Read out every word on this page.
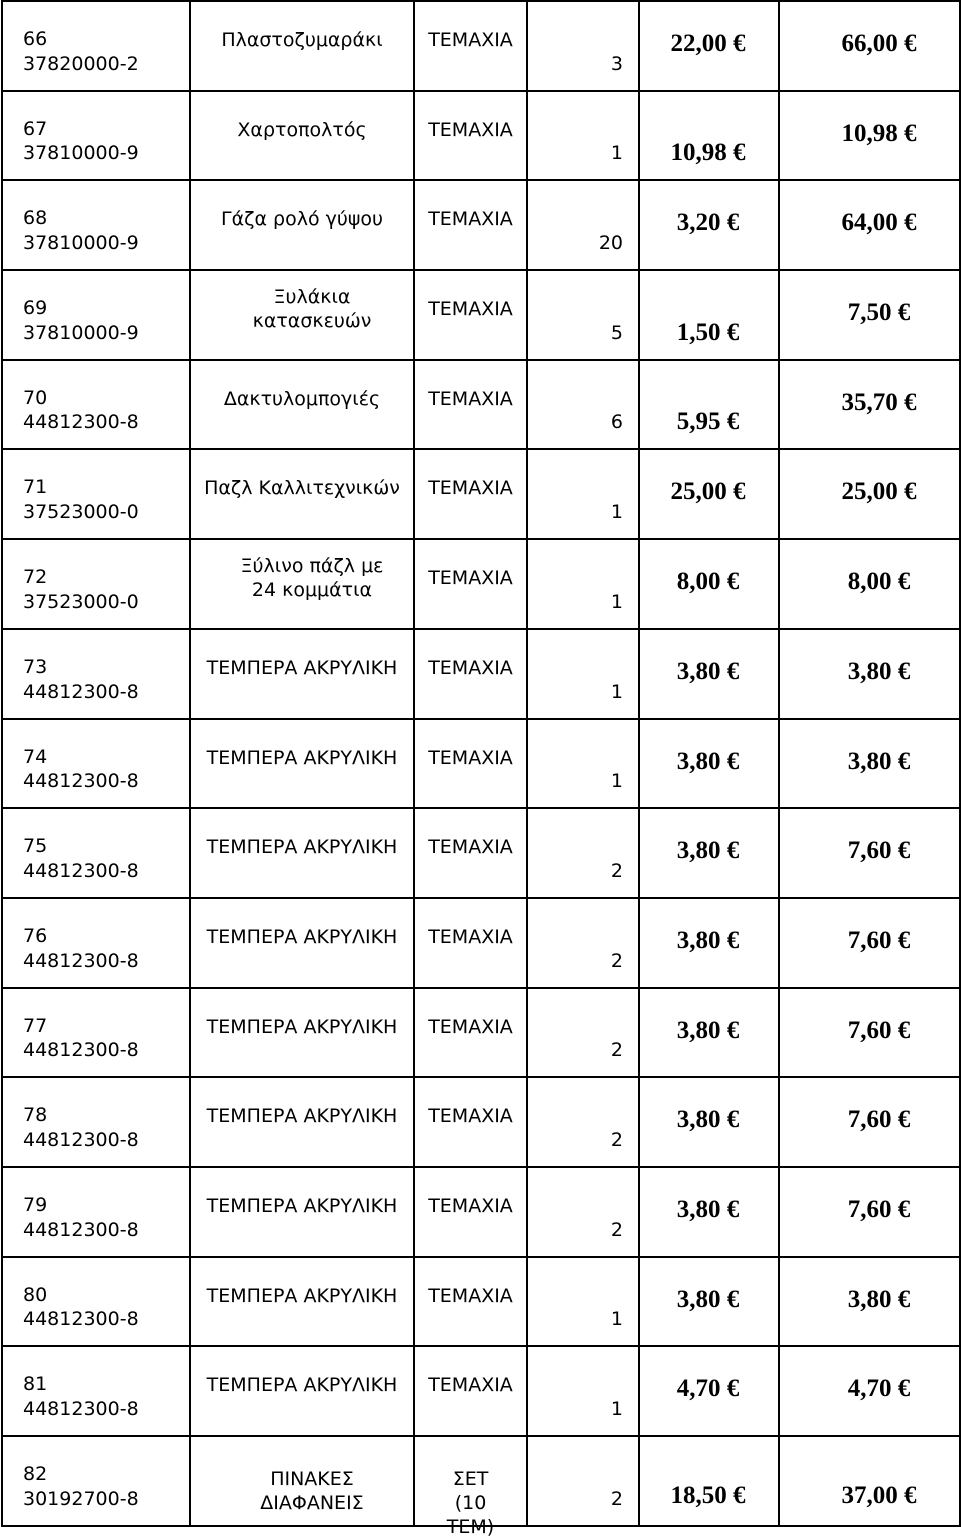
66
37820000-2	Πλαστοζυμαράκι	ΤΕΜΑΧΙΑ	3	22,00 €	66,00 €

67
37810000-9	Χαρτοπολτός	ΤΕΜΑΧΙΑ	1	10,98 €	10,98 €

68
37810000-9	Γάζα ρολό γύψου	ΤΕΜΑΧΙΑ	20	3,20 €	64,00 €

69
37810000-9	Ξυλάκια κατασκευών	ΤΕΜΑΧΙΑ	5	1,50 €	7,50 €

70
44812300-8	Δακτυλομπογιές	ΤΕΜΑΧΙΑ	6	5,95 €	35,70 €

71
37523000-0	Παζλ Καλλιτεχνικών	ΤΕΜΑΧΙΑ	1	25,00 €	25,00 €

72
37523000-0	Ξύλινο πάζλ με 24 κομμάτια	ΤΕΜΑΧΙΑ	1	8,00 €	8,00 €

73
44812300-8	ΤΕΜΠΕΡΑ ΑΚΡΥΛΙΚΗ	ΤΕΜΑΧΙΑ	1	3,80 €	3,80 €

74
44812300-8	ΤΕΜΠΕΡΑ ΑΚΡΥΛΙΚΗ	ΤΕΜΑΧΙΑ	1	3,80 €	3,80 €

75
44812300-8	ΤΕΜΠΕΡΑ ΑΚΡΥΛΙΚΗ	ΤΕΜΑΧΙΑ	2	3,80 €	7,60 €

76
44812300-8	ΤΕΜΠΕΡΑ ΑΚΡΥΛΙΚΗ	ΤΕΜΑΧΙΑ	2	3,80 €	7,60 €

77
44812300-8	ΤΕΜΠΕΡΑ ΑΚΡΥΛΙΚΗ	ΤΕΜΑΧΙΑ	2	3,80 €	7,60 €

78
44812300-8	ΤΕΜΠΕΡΑ ΑΚΡΥΛΙΚΗ	ΤΕΜΑΧΙΑ	2	3,80 €	7,60 €

79
44812300-8	ΤΕΜΠΕΡΑ ΑΚΡΥΛΙΚΗ	ΤΕΜΑΧΙΑ	2	3,80 €	7,60 €

80
44812300-8	ΤΕΜΠΕΡΑ ΑΚΡΥΛΙΚΗ	ΤΕΜΑΧΙΑ	1	3,80 €	3,80 €

81
44812300-8	ΤΕΜΠΕΡΑ ΑΚΡΥΛΙΚΗ	ΤΕΜΑΧΙΑ	1	4,70 €	4,70 €

82
30192700-8	ΠΙΝΑΚΕΣ ΔΙΑΦΑΝΕΙΣ	ΣΕΤ (10 ΤΕΜ)	2	18,50 €	37,00 €
